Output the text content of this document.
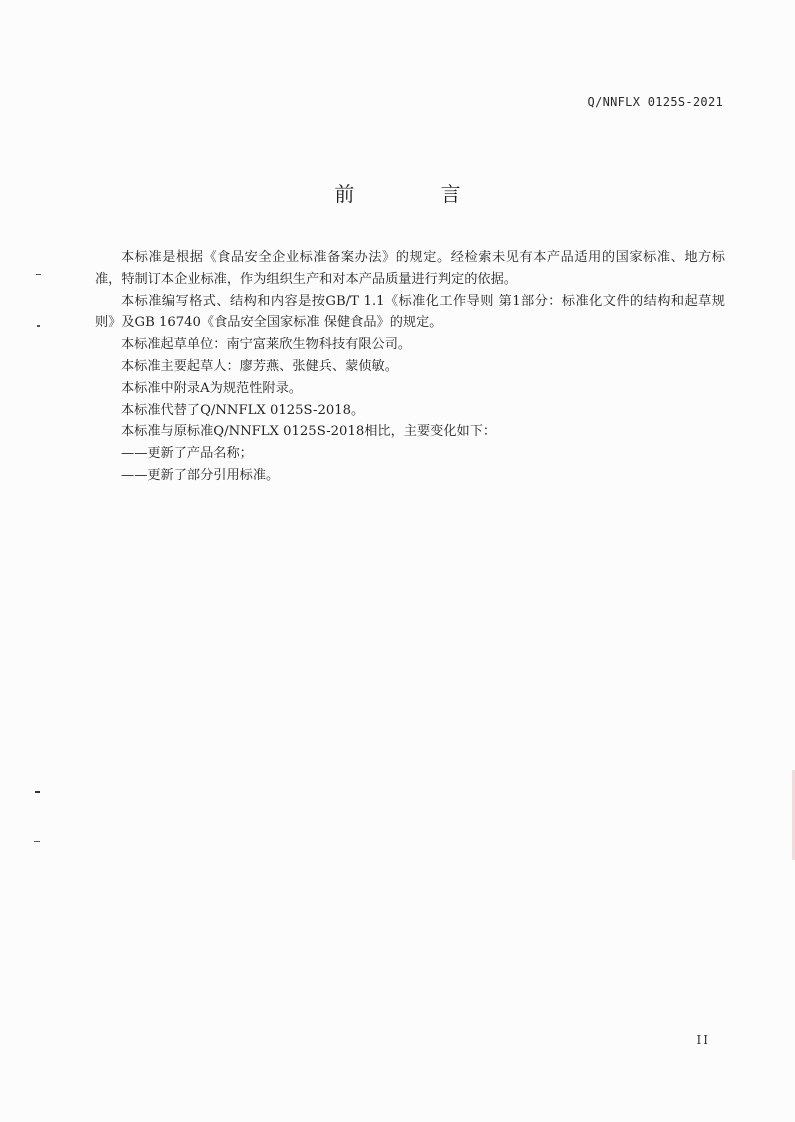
Q/NNFLX 0125S-2021
前 言

本标准是根据《食品安全企业标准备案办法》的规定。经检索未见有本产品适用的国家标准、地方标准，特制订本企业标准，作为组织生产和对本产品质量进行判定的依据。

本标准编写格式、结构和内容是按GB/T 1.1《标准化工作导则 第1部分：标准化文件的结构和起草规则》及GB 16740《食品安全国家标准 保健食品》的规定。

本标准起草单位：南宁富莱欣生物科技有限公司。

本标准主要起草人：廖芳燕、张健兵、蒙侦敏。

本标准中附录A为规范性附录。

本标准代替了Q/NNFLX 0125S-2018。

本标准与原标准Q/NNFLX 0125S-2018相比，主要变化如下：

——更新了产品名称；

——更新了部分引用标准。

II
